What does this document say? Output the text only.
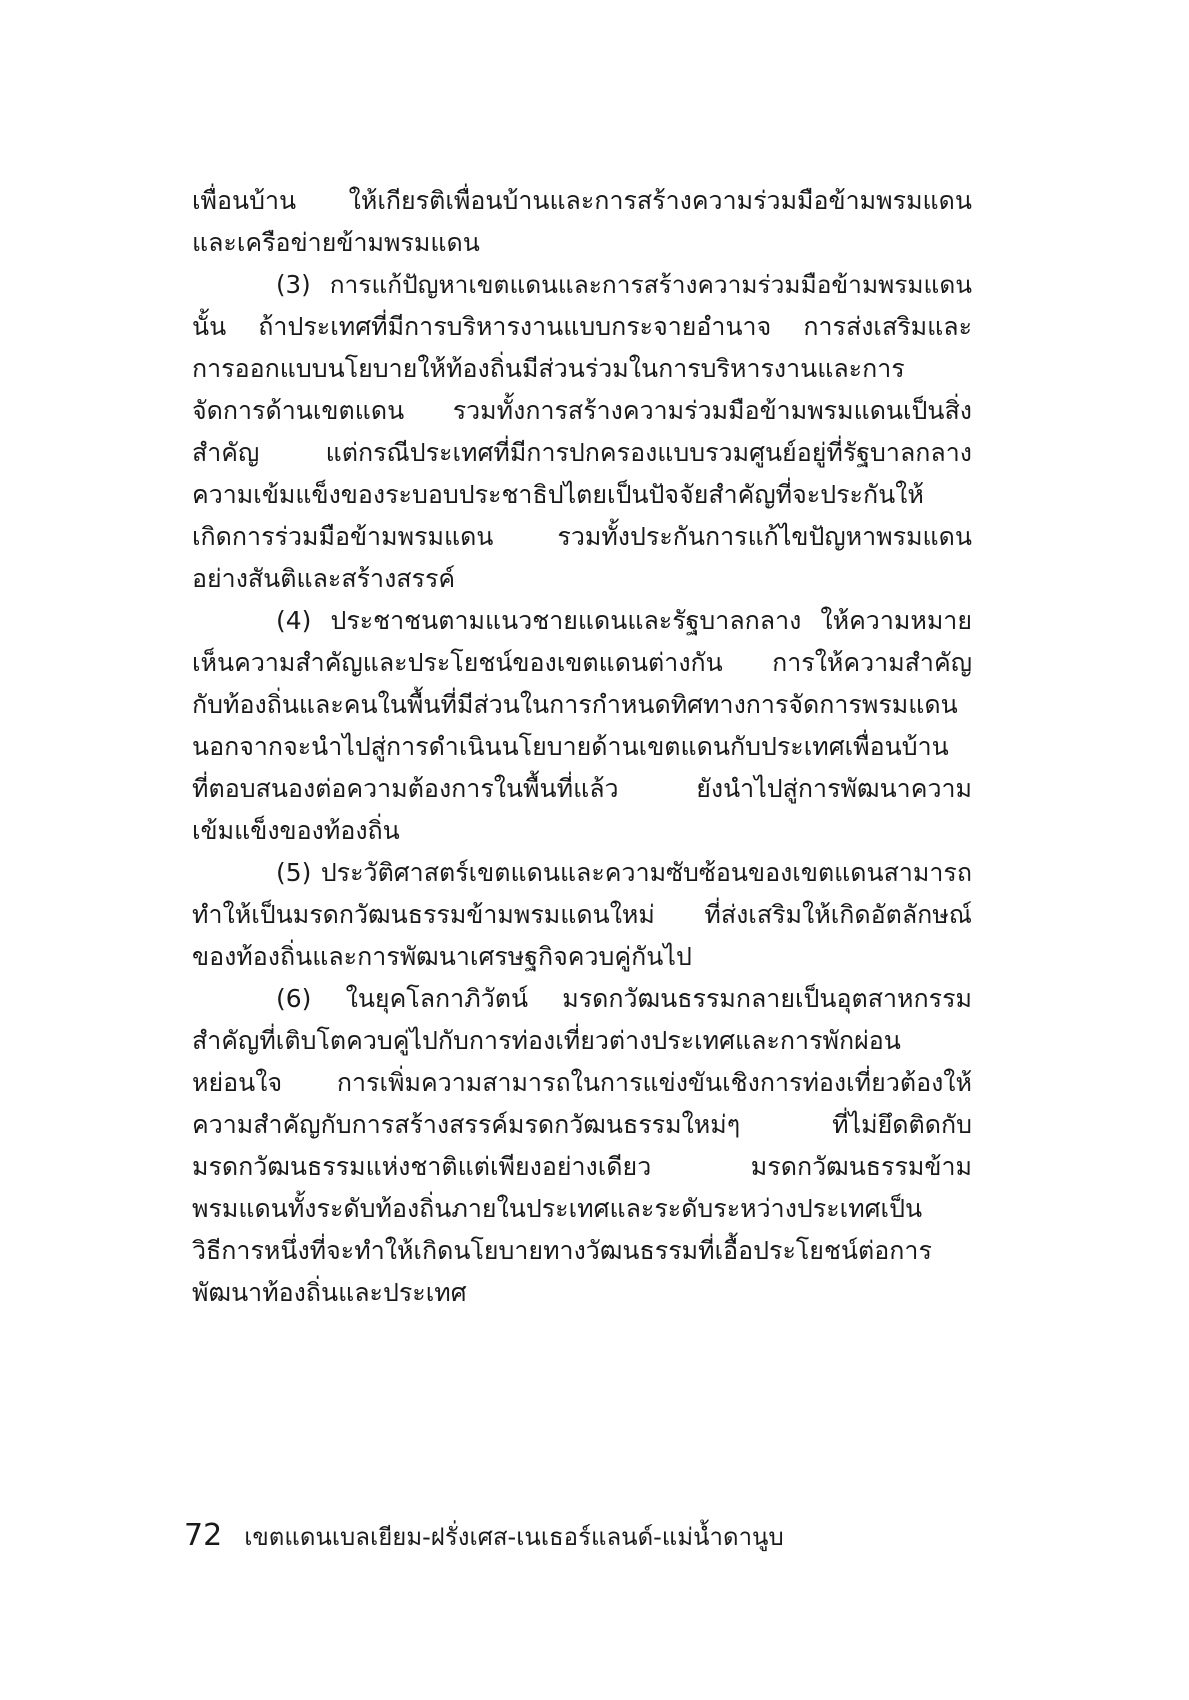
เพื่อนบ้าน ให้เกียรติเพื่อนบ้านและการสร้างความร่วมมือข้ามพรมแดน
และเครือข่ายข้ามพรมแดน
(3) การแก้ปัญหาเขตแดนและการสร้างความร่วมมือข้ามพรมแดน
นั้น ถ้าประเทศที่มีการบริหารงานแบบกระจายอำนาจ การส่งเสริมและ
การออกแบบนโยบายให้ท้องถิ่นมีส่วนร่วมในการบริหารงานและการ
จัดการด้านเขตแดน รวมทั้งการสร้างความร่วมมือข้ามพรมแดนเป็นสิ่ง
สำคัญ แต่กรณีประเทศที่มีการปกครองแบบรวมศูนย์อยู่ที่รัฐบาลกลาง
ความเข้มแข็งของระบอบประชาธิปไตยเป็นปัจจัยสำคัญที่จะประกันให้
เกิดการร่วมมือข้ามพรมแดน รวมทั้งประกันการแก้ไขปัญหาพรมแดน
อย่างสันติและสร้างสรรค์
(4) ประชาชนตามแนวชายแดนและรัฐบาลกลาง ให้ความหมาย
เห็นความสำคัญและประโยชน์ของเขตแดนต่างกัน การให้ความสำคัญ
กับท้องถิ่นและคนในพื้นที่มีส่วนในการกำหนดทิศทางการจัดการพรมแดน
นอกจากจะนำไปสู่การดำเนินนโยบายด้านเขตแดนกับประเทศเพื่อนบ้าน
ที่ตอบสนองต่อความต้องการในพื้นที่แล้ว ยังนำไปสู่การพัฒนาความ
เข้มแข็งของท้องถิ่น
(5) ประวัติศาสตร์เขตแดนและความซับซ้อนของเขตแดนสามารถ
ทำให้เป็นมรดกวัฒนธรรมข้ามพรมแดนใหม่ ที่ส่งเสริมให้เกิดอัตลักษณ์
ของท้องถิ่นและการพัฒนาเศรษฐกิจควบคู่กันไป
(6) ในยุคโลกาภิวัตน์ มรดกวัฒนธรรมกลายเป็นอุตสาหกรรม
สำคัญที่เติบโตควบคู่ไปกับการท่องเที่ยวต่างประเทศและการพักผ่อน
หย่อนใจ การเพิ่มความสามารถในการแข่งขันเชิงการท่องเที่ยวต้องให้
ความสำคัญกับการสร้างสรรค์มรดกวัฒนธรรมใหม่ๆ ที่ไม่ยึดติดกับ
มรดกวัฒนธรรมแห่งชาติแต่เพียงอย่างเดียว มรดกวัฒนธรรมข้าม
พรมแดนทั้งระดับท้องถิ่นภายในประเทศและระดับระหว่างประเทศเป็น
วิธีการหนึ่งที่จะทำให้เกิดนโยบายทางวัฒนธรรมที่เอื้อประโยชน์ต่อการ
พัฒนาท้องถิ่นและประเทศ
72 เขตแดนเบลเยียม-ฝรั่งเศส-เนเธอร์แลนด์-แม่น้ำดานูบ
